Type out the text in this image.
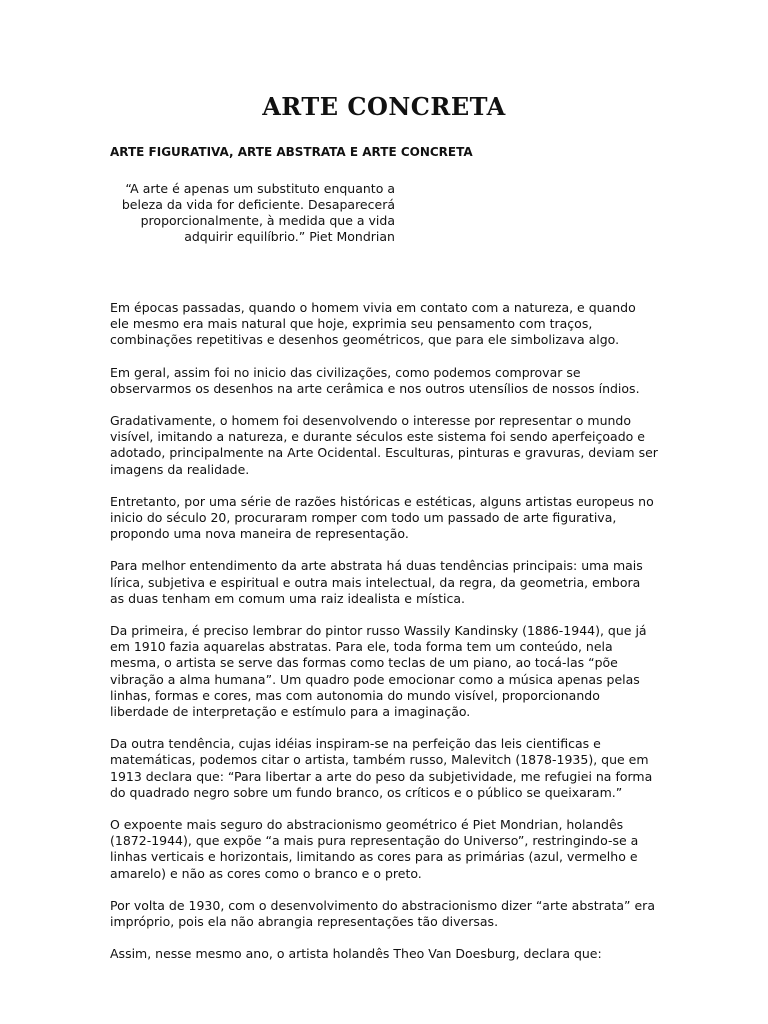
ARTE CONCRETA
ARTE FIGURATIVA, ARTE ABSTRATA E ARTE CONCRETA

“A arte é apenas um substituto enquanto a beleza da vida for deficiente. Desaparecerá proporcionalmente, à medida que a vida adquirir equilíbrio.” Piet Mondrian

Em épocas passadas, quando o homem vivia em contato com a natureza, e quando ele mesmo era mais natural que hoje, exprimia seu pensamento com traços, combinações repetitivas e desenhos geométricos, que para ele simbolizava algo.

Em geral, assim foi no inicio das civilizações, como podemos comprovar se observarmos os desenhos na arte cerâmica e nos outros utensílios de nossos índios.

Gradativamente, o homem foi desenvolvendo o interesse por representar o mundo visível, imitando a natureza, e durante séculos este sistema foi sendo aperfeiçoado e adotado, principalmente na Arte Ocidental. Esculturas, pinturas e gravuras, deviam ser imagens da realidade.

Entretanto, por uma série de razões históricas e estéticas, alguns artistas europeus no inicio do século 20, procuraram romper com todo um passado de arte figurativa, propondo uma nova maneira de representação.

Para melhor entendimento da arte abstrata há duas tendências principais: uma mais lírica, subjetiva e espiritual e outra mais intelectual, da regra, da geometria, embora as duas tenham em comum uma raiz idealista e mística.

Da primeira, é preciso lembrar do pintor russo Wassily Kandinsky (1886-1944), que já em 1910 fazia aquarelas abstratas. Para ele, toda forma tem um conteúdo, nela mesma, o artista se serve das formas como teclas de um piano, ao tocá-las “põe vibração a alma humana”. Um quadro pode emocionar como a música apenas pelas linhas, formas e cores, mas com autonomia do mundo visível, proporcionando liberdade de interpretação e estímulo para a imaginação.

Da outra tendência, cujas idéias inspiram-se na perfeição das leis cientificas e matemáticas, podemos citar o artista, também russo, Malevitch (1878-1935), que em 1913 declara que: “Para libertar a arte do peso da subjetividade, me refugiei na forma do quadrado negro sobre um fundo branco, os críticos e o público se queixaram.”

O expoente mais seguro do abstracionismo geométrico é Piet Mondrian, holandês (1872-1944), que expõe “a mais pura representação do Universo”, restringindo-se a linhas verticais e horizontais, limitando as cores para as primárias (azul, vermelho e amarelo) e não as cores como o branco e o preto.

Por volta de 1930, com o desenvolvimento do abstracionismo dizer “arte abstrata” era impróprio, pois ela não abrangia representações tão diversas.

Assim, nesse mesmo ano, o artista holandês Theo Van Doesburg, declara que:
